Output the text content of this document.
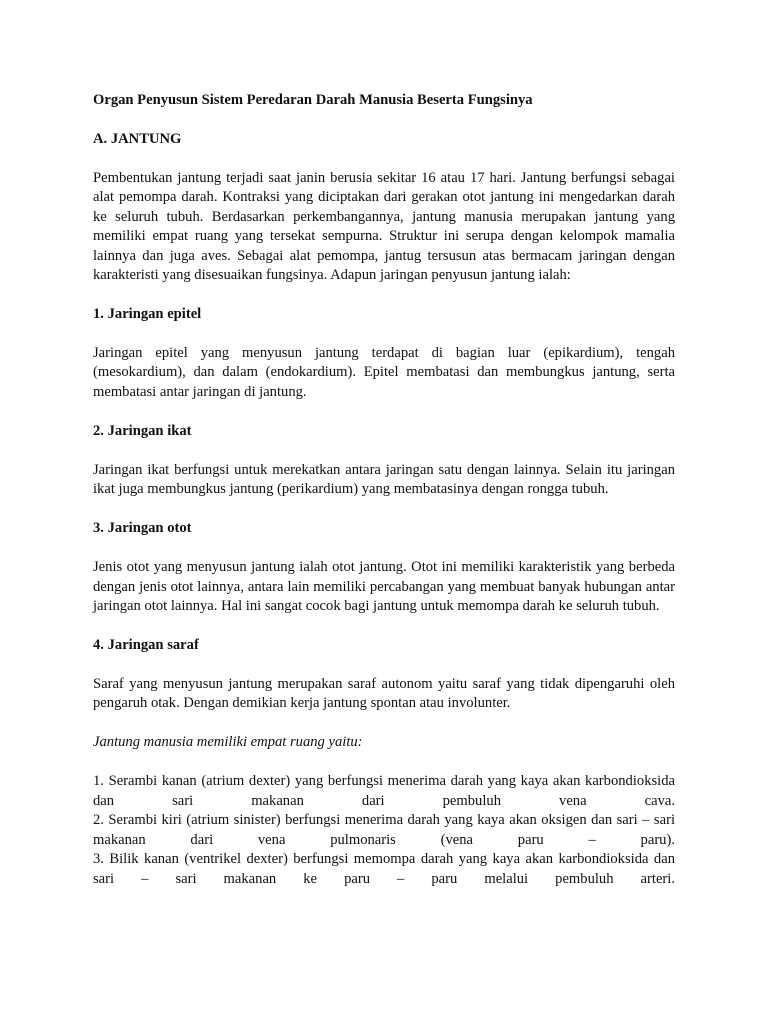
Organ Penyusun Sistem Peredaran Darah Manusia Beserta Fungsinya

A. JANTUNG

Pembentukan jantung terjadi saat janin berusia sekitar 16 atau 17 hari. Jantung berfungsi sebagai alat pemompa darah. Kontraksi yang diciptakan dari gerakan otot jantung ini mengedarkan darah ke seluruh tubuh. Berdasarkan perkembangannya, jantung manusia merupakan jantung yang memiliki empat ruang yang tersekat sempurna. Struktur ini serupa dengan kelompok mamalia lainnya dan juga aves. Sebagai alat pemompa, jantug tersusun atas bermacam jaringan dengan karakteristi yang disesuaikan fungsinya. Adapun jaringan penyusun jantung ialah:

1. Jaringan epitel

Jaringan epitel yang menyusun jantung terdapat di bagian luar (epikardium), tengah (mesokardium), dan dalam (endokardium). Epitel membatasi dan membungkus jantung, serta membatasi antar jaringan di jantung.

2. Jaringan ikat

Jaringan ikat berfungsi untuk merekatkan antara jaringan satu dengan lainnya. Selain itu jaringan ikat juga membungkus jantung (perikardium) yang membatasinya dengan rongga tubuh.

3. Jaringan otot

Jenis otot yang menyusun jantung ialah otot jantung. Otot ini memiliki karakteristik yang berbeda dengan jenis otot lainnya, antara lain memiliki percabangan yang membuat banyak hubungan antar jaringan otot lainnya. Hal ini sangat cocok bagi jantung untuk memompa darah ke seluruh tubuh.

4. Jaringan saraf

Saraf yang menyusun jantung merupakan saraf autonom yaitu saraf yang tidak dipengaruhi oleh pengaruh otak. Dengan demikian kerja jantung spontan atau involunter.

Jantung manusia memiliki empat ruang yaitu:

1. Serambi kanan (atrium dexter) yang berfungsi menerima darah yang kaya akan karbondioksida dan sari makanan dari pembuluh vena cava.

2. Serambi kiri (atrium sinister) berfungsi menerima darah yang kaya akan oksigen dan sari – sari makanan dari vena pulmonaris (vena paru – paru).

3. Bilik kanan (ventrikel dexter) berfungsi memompa darah yang kaya akan karbondioksida dan sari – sari makanan ke paru – paru melalui pembuluh arteri.
